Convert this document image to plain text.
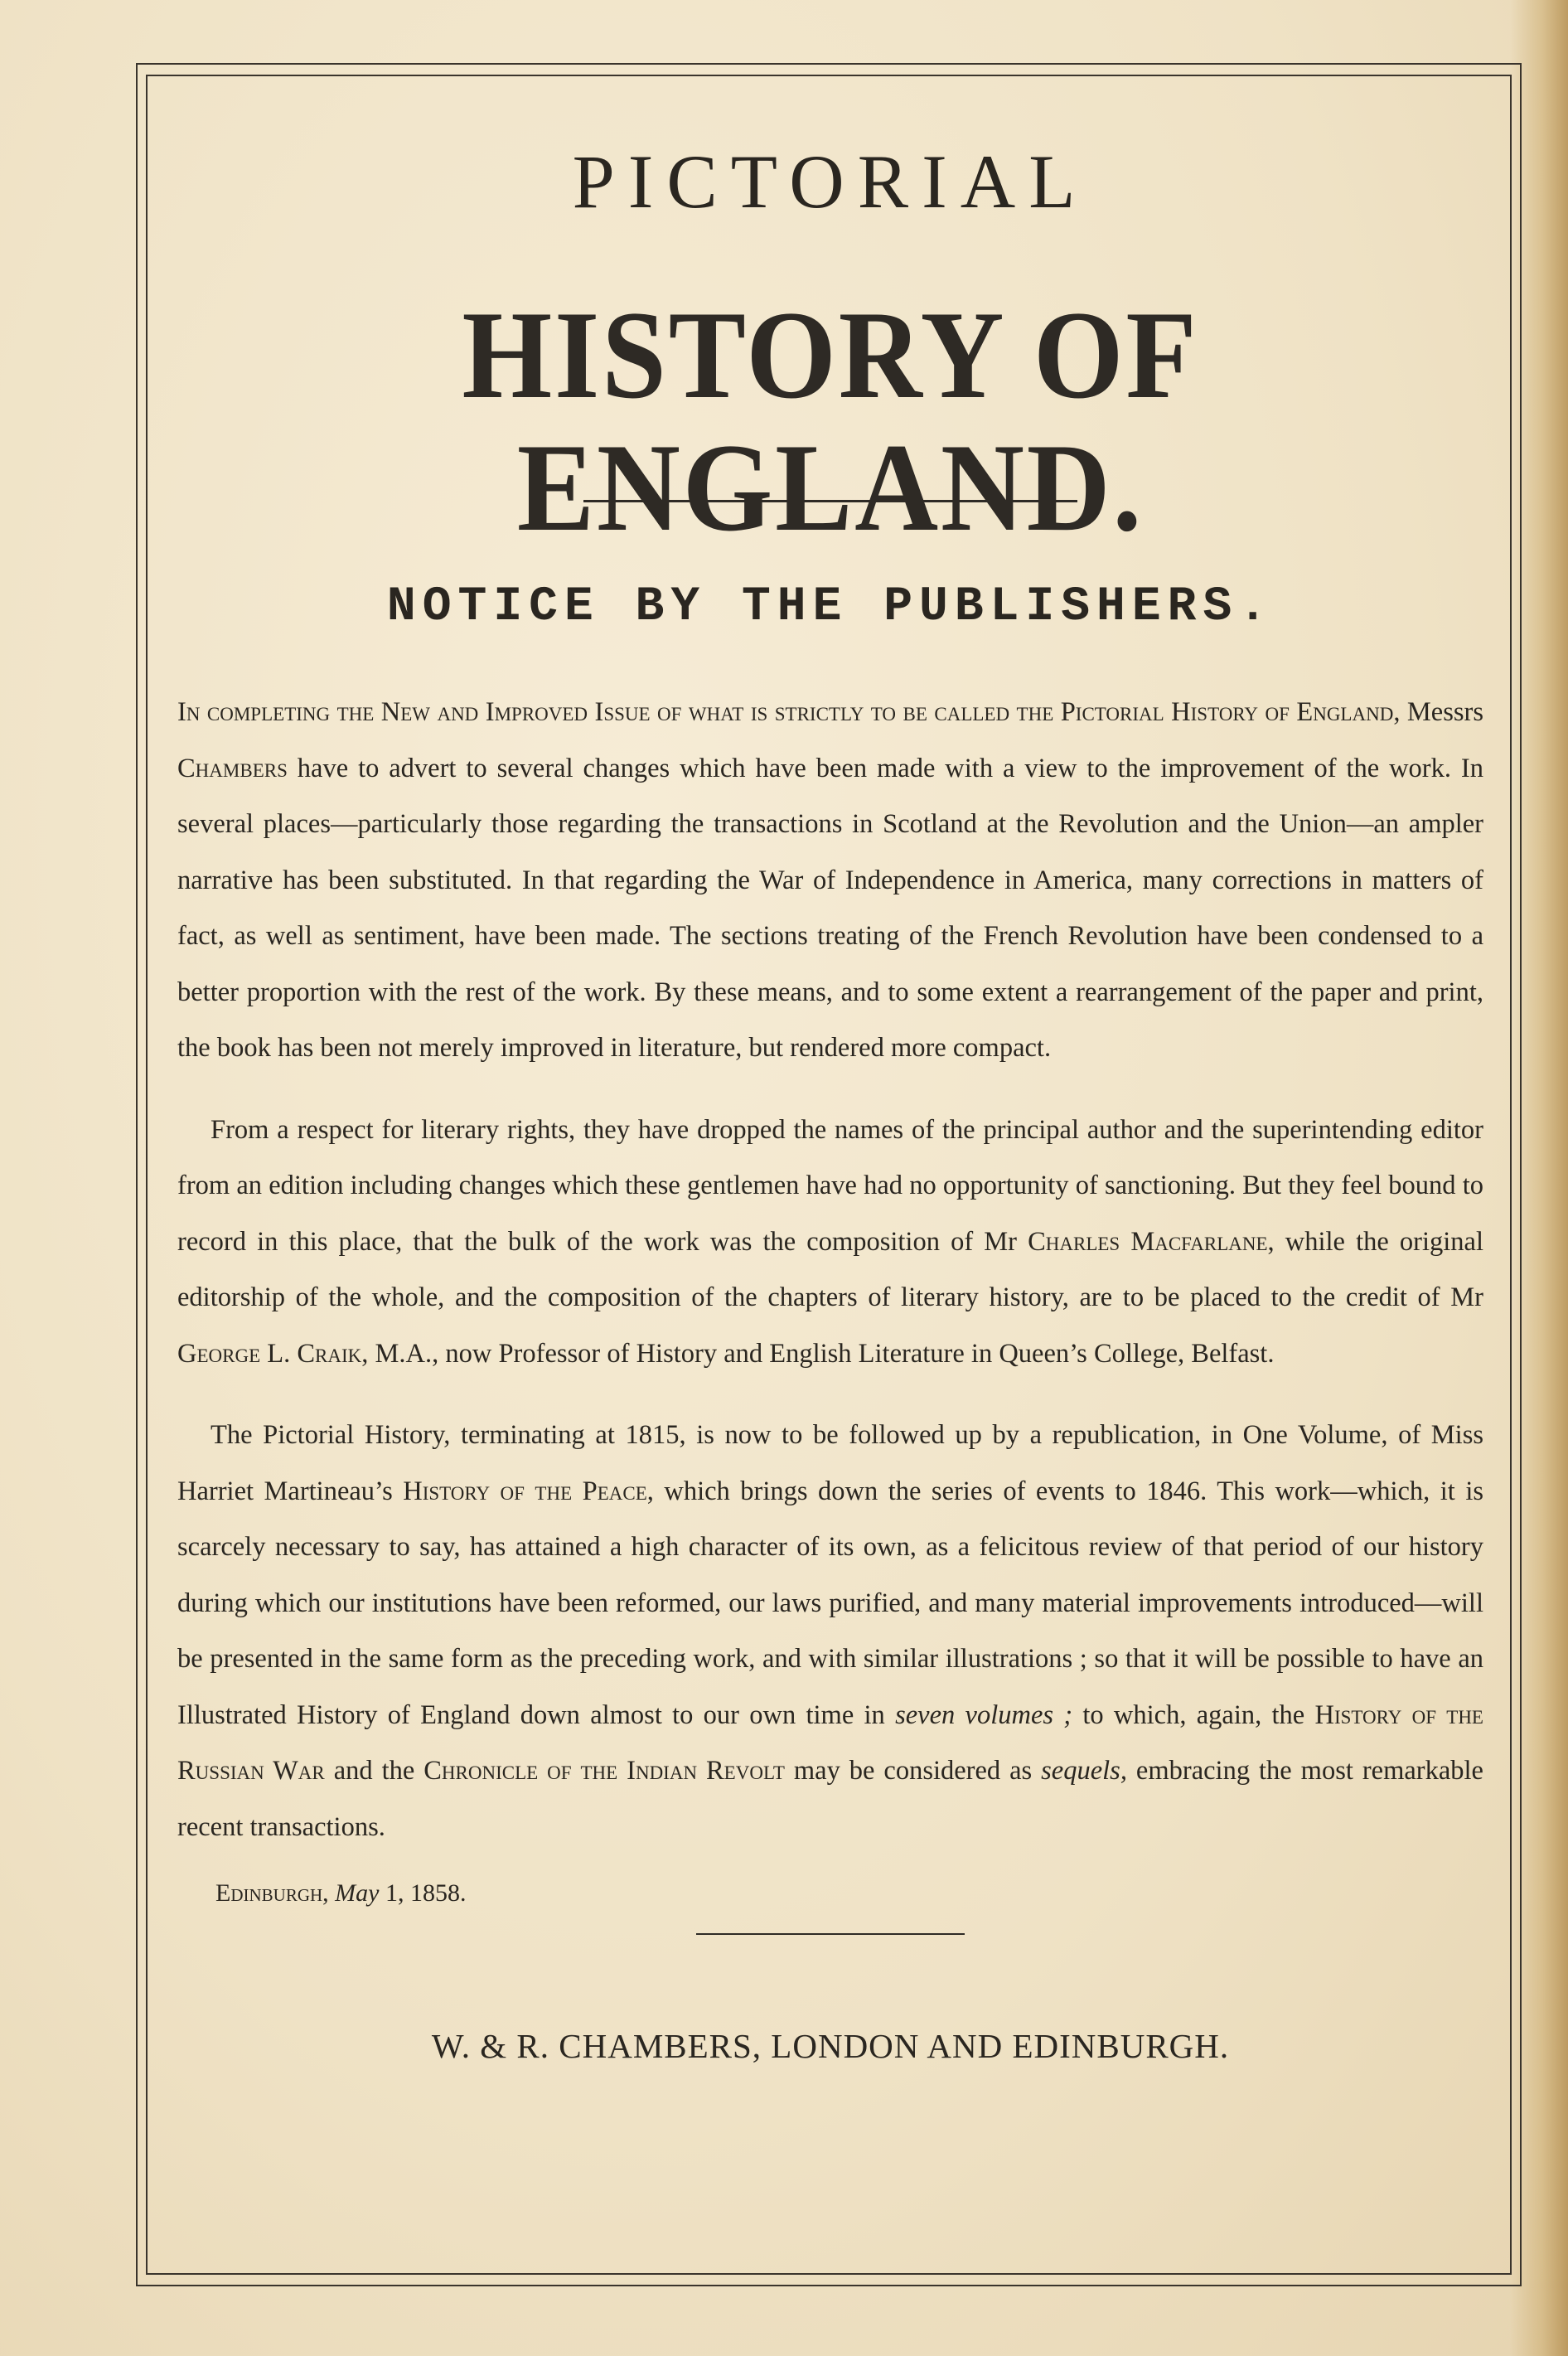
PICTORIAL
HISTORY OF ENGLAND.
NOTICE BY THE PUBLISHERS.

In completing the New and Improved Issue of what is strictly to be called the Pictorial History of England, Messrs Chambers have to advert to several changes which have been made with a view to the improvement of the work. In several places—particularly those regarding the transactions in Scotland at the Revolution and the Union—an ampler narrative has been substituted. In that regarding the War of Independence in America, many corrections in matters of fact, as well as sentiment, have been made. The sections treating of the French Revolution have been condensed to a better proportion with the rest of the work. By these means, and to some extent a rearrangement of the paper and print, the book has been not merely improved in literature, but rendered more compact.

From a respect for literary rights, they have dropped the names of the principal author and the superintending editor from an edition including changes which these gentlemen have had no opportunity of sanctioning. But they feel bound to record in this place, that the bulk of the work was the composition of Mr Charles Macfarlane, while the original editorship of the whole, and the composition of the chapters of literary history, are to be placed to the credit of Mr George L. Craik, M.A., now Professor of History and English Literature in Queen’s College, Belfast.

The Pictorial History, terminating at 1815, is now to be followed up by a republication, in One Volume, of Miss Harriet Martineau’s History of the Peace, which brings down the series of events to 1846. This work—which, it is scarcely necessary to say, has attained a high character of its own, as a felicitous review of that period of our history during which our institutions have been reformed, our laws purified, and many material improvements introduced—will be presented in the same form as the preceding work, and with similar illustrations ; so that it will be possible to have an Illustrated History of England down almost to our own time in seven volumes ; to which, again, the History of the Russian War and the Chronicle of the Indian Revolt may be considered as sequels, embracing the most remarkable recent transactions.

Edinburgh, May 1, 1858.
W. & R. CHAMBERS, LONDON AND EDINBURGH.
